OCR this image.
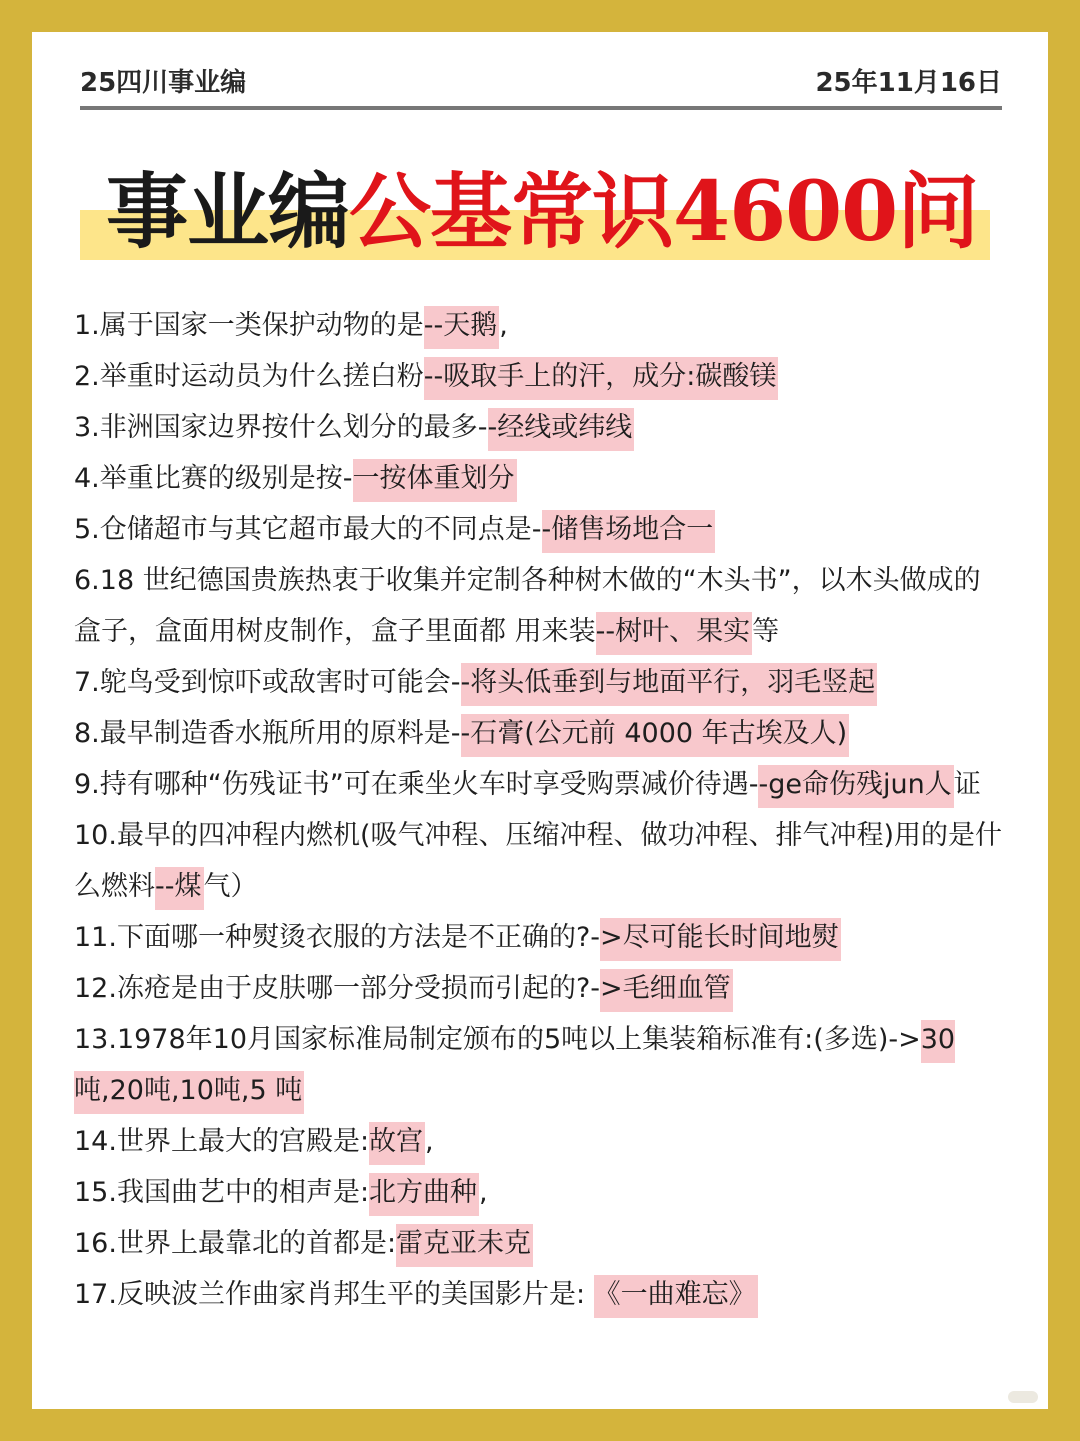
25四川事业编	25年11月16日
事业编公基常识4600问

1.属于国家一类保护动物的是--天鹅,

2.举重时运动员为什么搓白粉--吸取手上的汗，成分:碳酸镁

3.非洲国家边界按什么划分的最多--经线或纬线

4.举重比赛的级别是按-一按体重划分

5.仓储超市与其它超市最大的不同点是--储售场地合一

6.18 世纪德国贵族热衷于收集并定制各种树木做的“木头书”，以木头做成的盒子，盒面用树皮制作，盒子里面都 用来装--树叶、果实等

7.鸵鸟受到惊吓或敌害时可能会--将头低垂到与地面平行，羽毛竖起

8.最早制造香水瓶所用的原料是--石膏(公元前 4000 年古埃及人)

9.持有哪种“伤残证书”可在乘坐火车时享受购票减价待遇--ge命伤残jun人证

10.最早的四冲程内燃机(吸气冲程、压缩冲程、做功冲程、排气冲程)用的是什么燃料--煤气）

11.下面哪一种熨烫衣服的方法是不正确的?->尽可能长时间地熨

12.冻疮是由于皮肤哪一部分受损而引起的?->毛细血管

13.1978年10月国家标准局制定颁布的5吨以上集装箱标准有:(多选)->30吨,20吨,10吨,5 吨

14.世界上最大的宫殿是:故宫,

15.我国曲艺中的相声是:北方曲种,

16.世界上最靠北的首都是:雷克亚未克

17.反映波兰作曲家肖邦生平的美国影片是: 《一曲难忘》
